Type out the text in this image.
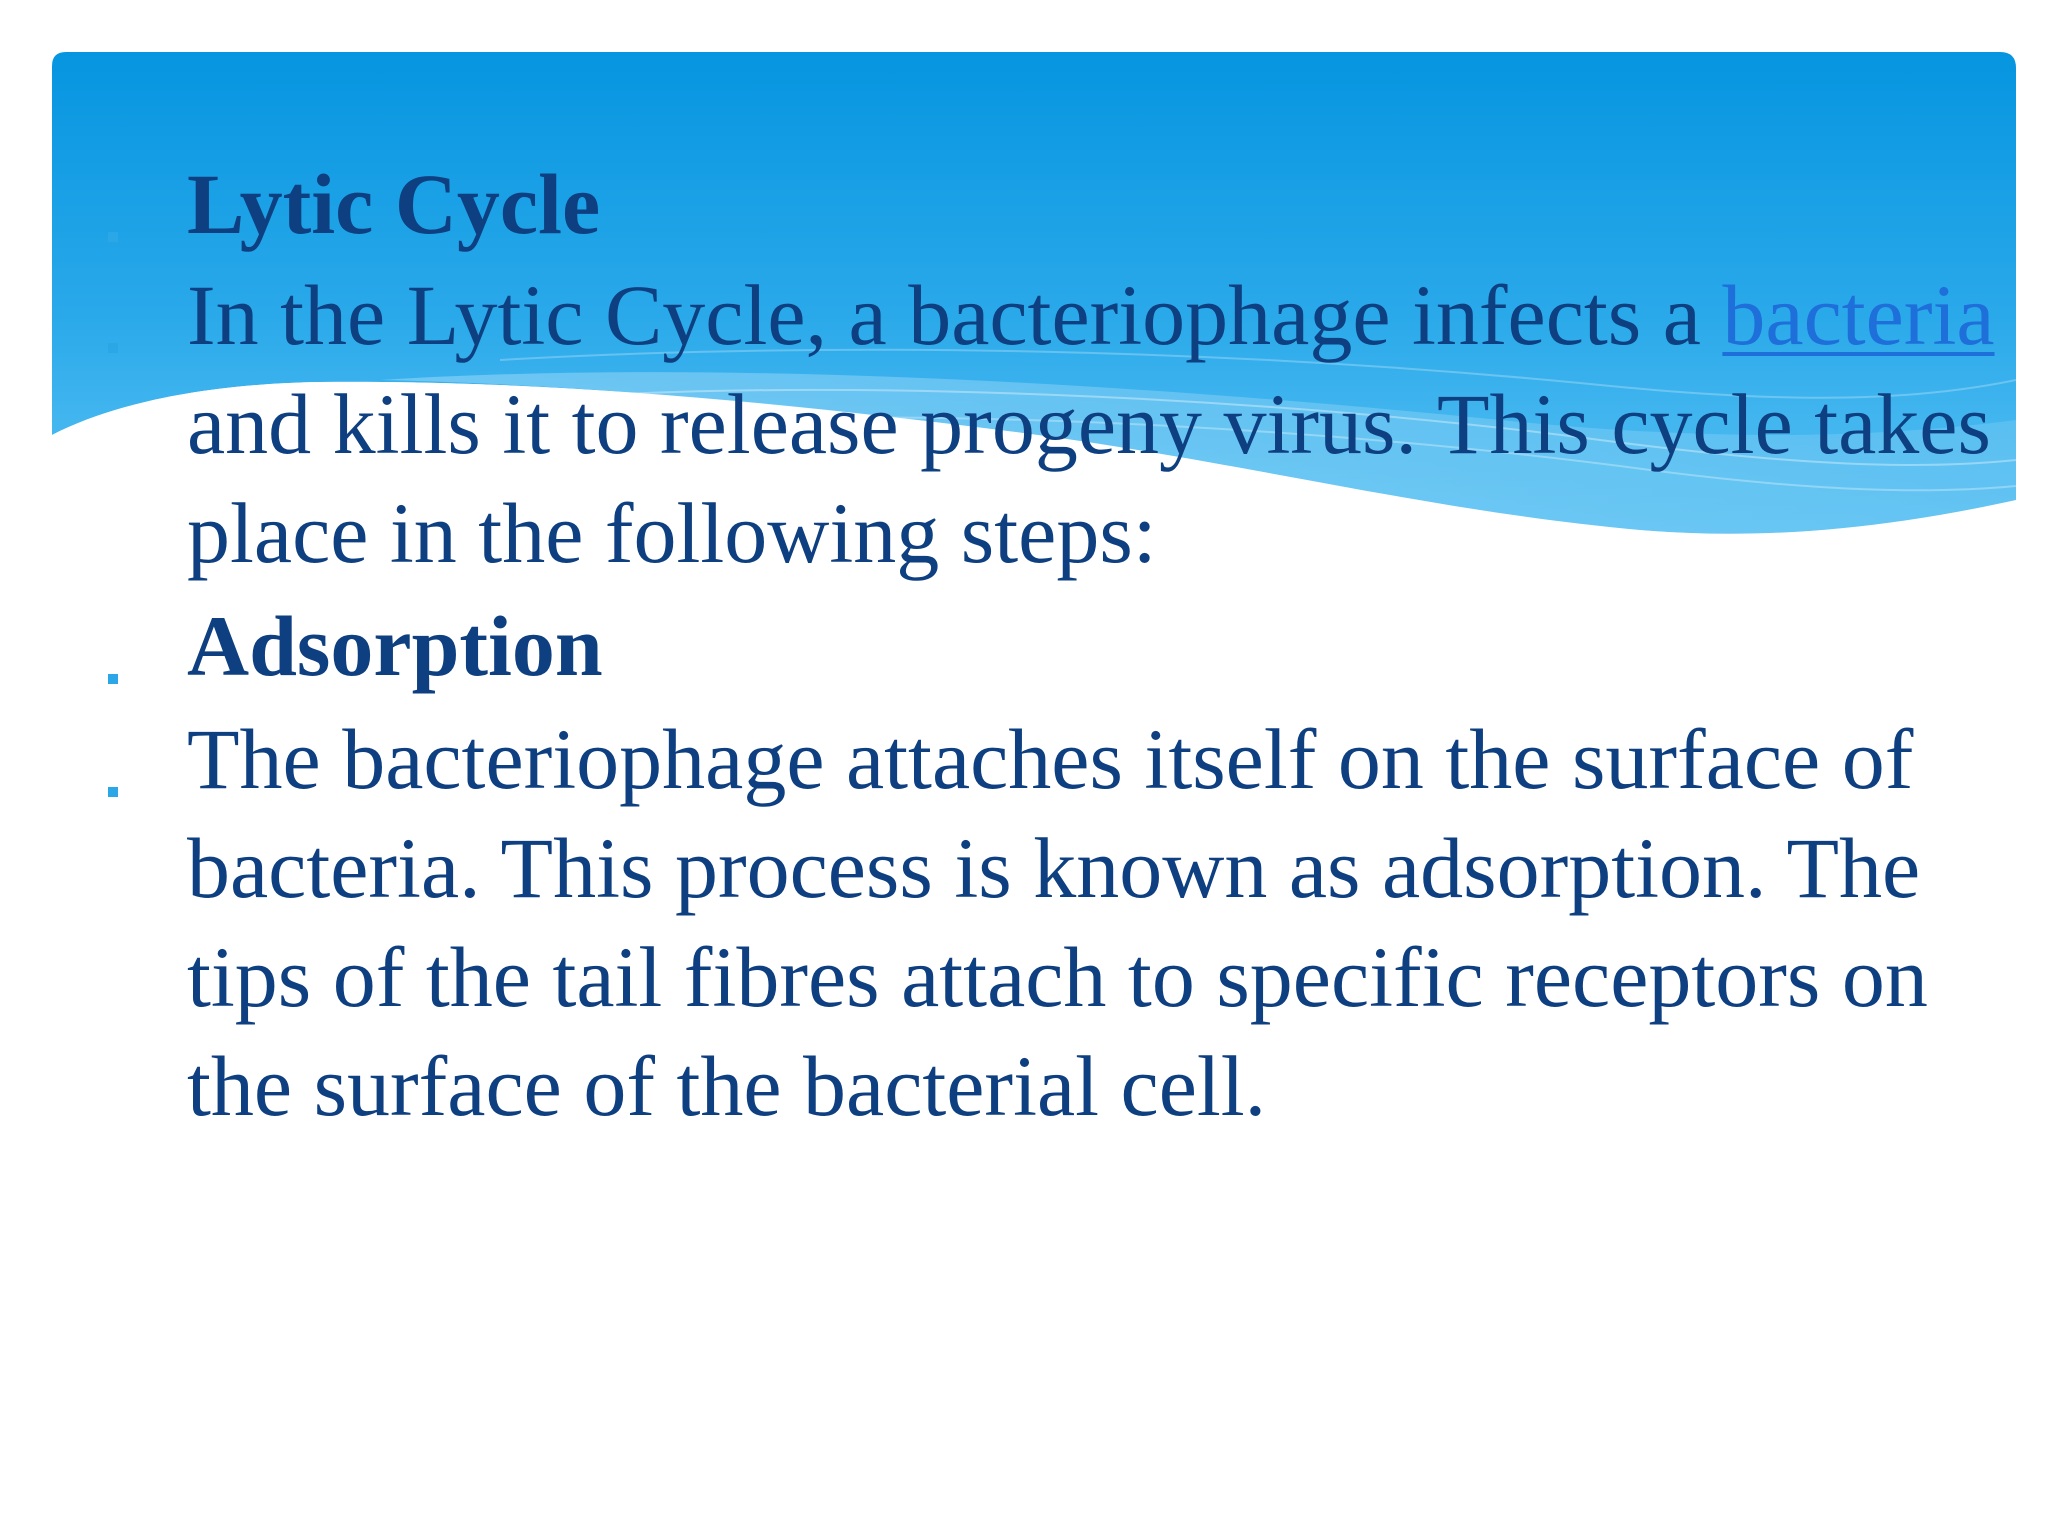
Lytic Cycle
In the Lytic Cycle, a bacteriophage infects a bacteria and kills it to release progeny virus. This cycle takes place in the following steps:
Adsorption
The bacteriophage attaches itself on the surface of bacteria. This process is known as adsorption. The tips of the tail fibres attach to specific receptors on the surface of the bacterial cell.
